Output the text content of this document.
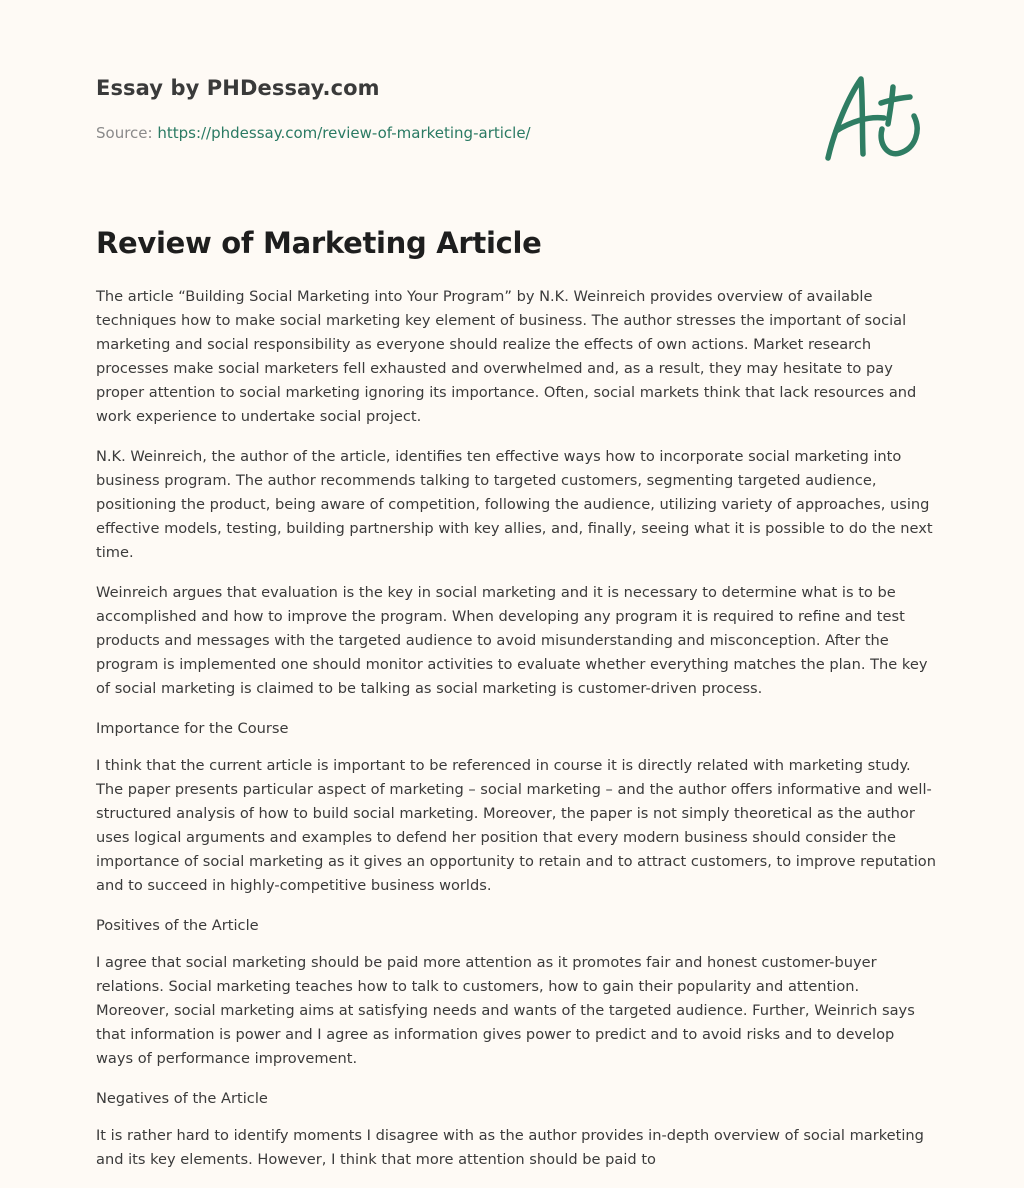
Essay by PHDessay.com

Source: https://phdessay.com/review-of-marketing-article/

Review of Marketing Article

The article “Building Social Marketing into Your Program” by N.K. Weinreich provides overview of available techniques how to make social marketing key element of business. The author stresses the important of social marketing and social responsibility as everyone should realize the effects of own actions. Market research processes make social marketers fell exhausted and overwhelmed and, as a result, they may hesitate to pay proper attention to social marketing ignoring its importance. Often, social markets think that lack resources and work experience to undertake social project.

N.K. Weinreich, the author of the article, identifies ten effective ways how to incorporate social marketing into business program. The author recommends talking to targeted customers, segmenting targeted audience, positioning the product, being aware of competition, following the audience, utilizing variety of approaches, using effective models, testing, building partnership with key allies, and, finally, seeing what it is possible to do the next time.

Weinreich argues that evaluation is the key in social marketing and it is necessary to determine what is to be accomplished and how to improve the program. When developing any program it is required to refine and test products and messages with the targeted audience to avoid misunderstanding and misconception. After the program is implemented one should monitor activities to evaluate whether everything matches the plan. The key of social marketing is claimed to be talking as social marketing is customer-driven process.

Importance for the Course

I think that the current article is important to be referenced in course it is directly related with marketing study. The paper presents particular aspect of marketing – social marketing – and the author offers informative and well-structured analysis of how to build social marketing. Moreover, the paper is not simply theoretical as the author uses logical arguments and examples to defend her position that every modern business should consider the importance of social marketing as it gives an opportunity to retain and to attract customers, to improve reputation and to succeed in highly-competitive business worlds.

Positives of the Article

I agree that social marketing should be paid more attention as it promotes fair and honest customer-buyer relations. Social marketing teaches how to talk to customers, how to gain their popularity and attention. Moreover, social marketing aims at satisfying needs and wants of the targeted audience. Further, Weinrich says that information is power and I agree as information gives power to predict and to avoid risks and to develop ways of performance improvement.

Negatives of the Article

It is rather hard to identify moments I disagree with as the author provides in-depth overview of social marketing and its key elements. However, I think that more attention should be paid to
